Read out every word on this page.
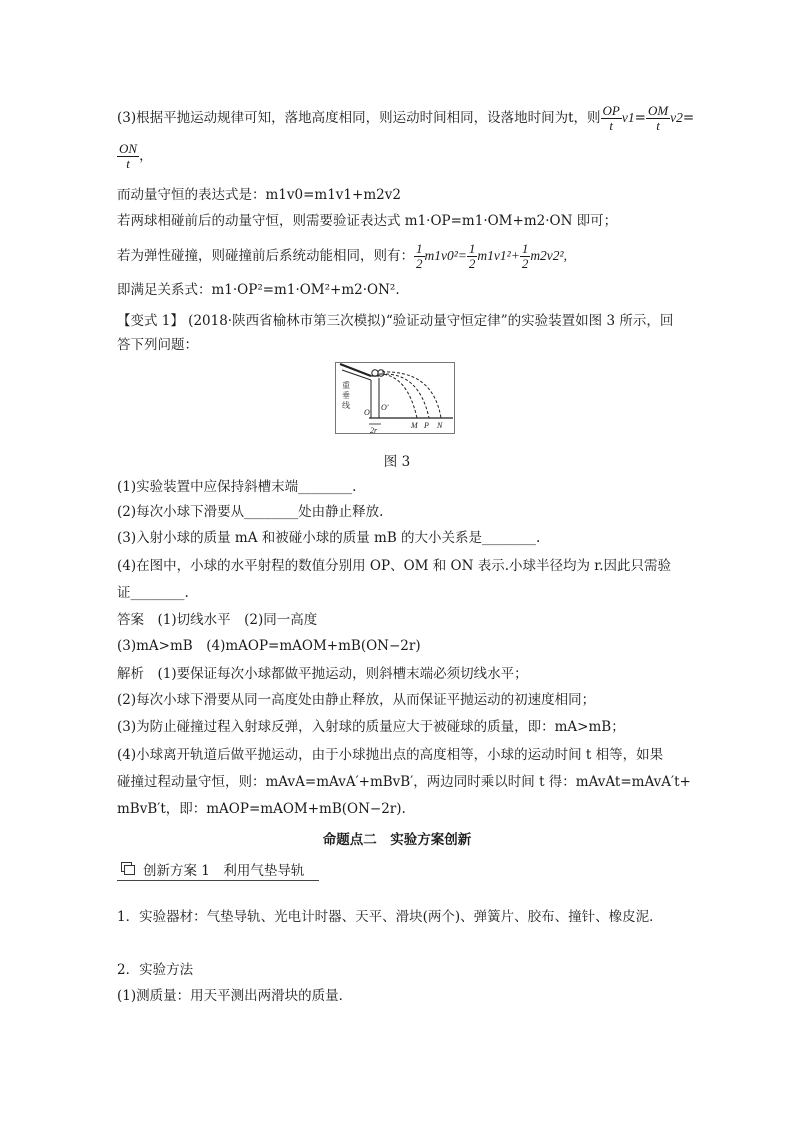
(3)根据平抛运动规律可知，落地高度相同，则运动时间相同，设落地时间为t，则 $\frac{OP}{t} v1= \frac{OM}{t} v2=$
$\frac{ON}{t}$ ，
而动量守恒的表达式是：m1v0=m1v1+m2v2
若两球相碰前后的动量守恒，则需要验证表达式 m1·OP=m1·OM+m2·ON 即可；
若为弹性碰撞，则碰撞前后系统动能相同，则有： $\frac{1}{2} m1v0^2= \frac{1}{2} m1v1^2+ \frac{1}{2} m2v2^2$,
即满足关系式：m1·OP²=m1·OM²+m2·ON².
【变式 1】 (2018·陕西省榆林市第三次模拟)“验证动量守恒定律”的实验装置如图 3 所示，回
答下列问题：
重
垂
线
O
O′
2r
M P N
图 3
(1)实验装置中应保持斜槽末端________.
(2)每次小球下滑要从________处由静止释放.
(3)入射小球的质量 mA 和被碰小球的质量 mB 的大小关系是________.
(4)在图中，小球的水平射程的数值分别用 OP、OM 和 ON 表示.小球半径均为 r.因此只需验
证________.
答案　(1)切线水平　(2)同一高度
(3)mA>mB　(4)mAOP=mAOM+mB(ON−2r)
解析　(1)要保证每次小球都做平抛运动，则斜槽末端必须切线水平；
(2)每次小球下滑要从同一高度处由静止释放，从而保证平抛运动的初速度相同；
(3)为防止碰撞过程入射球反弹，入射球的质量应大于被碰球的质量，即：mA>mB；
(4)小球离开轨道后做平抛运动，由于小球抛出点的高度相等，小球的运动时间 t 相等，如果
碰撞过程动量守恒，则：mAvA=mAvA′+mBvB′，两边同时乘以时间 t 得：mAvAt=mAvA′t+
mBvB′t，即：mAOP=mAOM+mB(ON−2r).
命题点二　实验方案创新
创新方案 1　利用气垫导轨
1．实验器材：气垫导轨、光电计时器、天平、滑块(两个)、弹簧片、胶布、撞针、橡皮泥．
2．实验方法
(1)测质量：用天平测出两滑块的质量．
